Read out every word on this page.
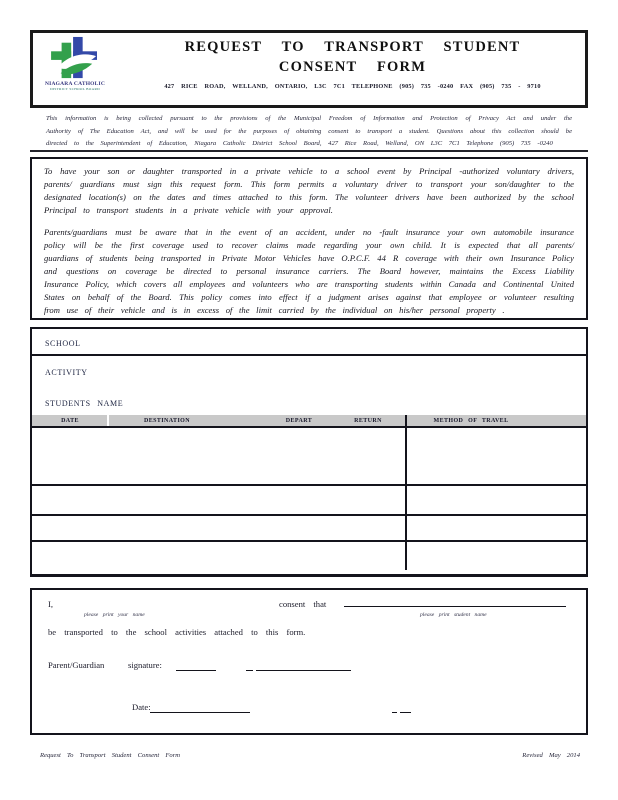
NIAGARA CATHOLIC
DISTRICT SCHOOL BOARD
REQUEST TO TRANSPORT STUDENT
CONSENT FORM
427 RICE ROAD, WELLAND, ONTARIO, L3C 7C1 TELEPHONE (905) 735 -0240 FAX (905) 735 - 9710
This information is being collected pursuant to the provisions of the Municipal Freedom of Information and Protection of Privacy Act and under the Authority of The Education Act, and will be used for the purposes of obtaining consent to transport a student. Questions about this collection should be directed to the Superintendent of Education, Niagara Catholic District School Board, 427 Rice Road, Welland, ON L3C 7C1 Telephone (905) 735 -0240

To have your son or daughter transported in a private vehicle to a school event by Principal -authorized voluntary drivers, parents/ guardians must sign this request form. This form permits a voluntary driver to transport your son/daughter to the designated location(s) on the dates and times attached to this form. The volunteer drivers have been authorized by the school Principal to transport students in a private vehicle with your approval.

Parents/guardians must be aware that in the event of an accident, under no -fault insurance your own automobile insurance policy will be the first coverage used to recover claims made regarding your own child. It is expected that all parents/ guardians of students being transported in Private Motor Vehicles have O.P.C.F. 44 R coverage with their own Insurance Policy and questions on coverage be directed to personal insurance carriers. The Board however, maintains the Excess Liability Insurance Policy, which covers all employees and volunteers who are transporting students within Canada and Continental United States on behalf of the Board. This policy comes into effect if a judgment arises against that employee or volunteer resulting from use of their vehicle and is in excess of the limit carried by the individual on his/her personal property .

SCHOOL
ACTIVITY
STUDENTS NAME
DATE	DESTINATION	DEPART	RETURN	METHOD OF TRAVEL
I,
please print your name
consent that
please print student name
be transported to the school activities attached to this form.
Parent/Guardian	signature:
Date:
Request To Transport Student Consent Form	Revised May 2014
